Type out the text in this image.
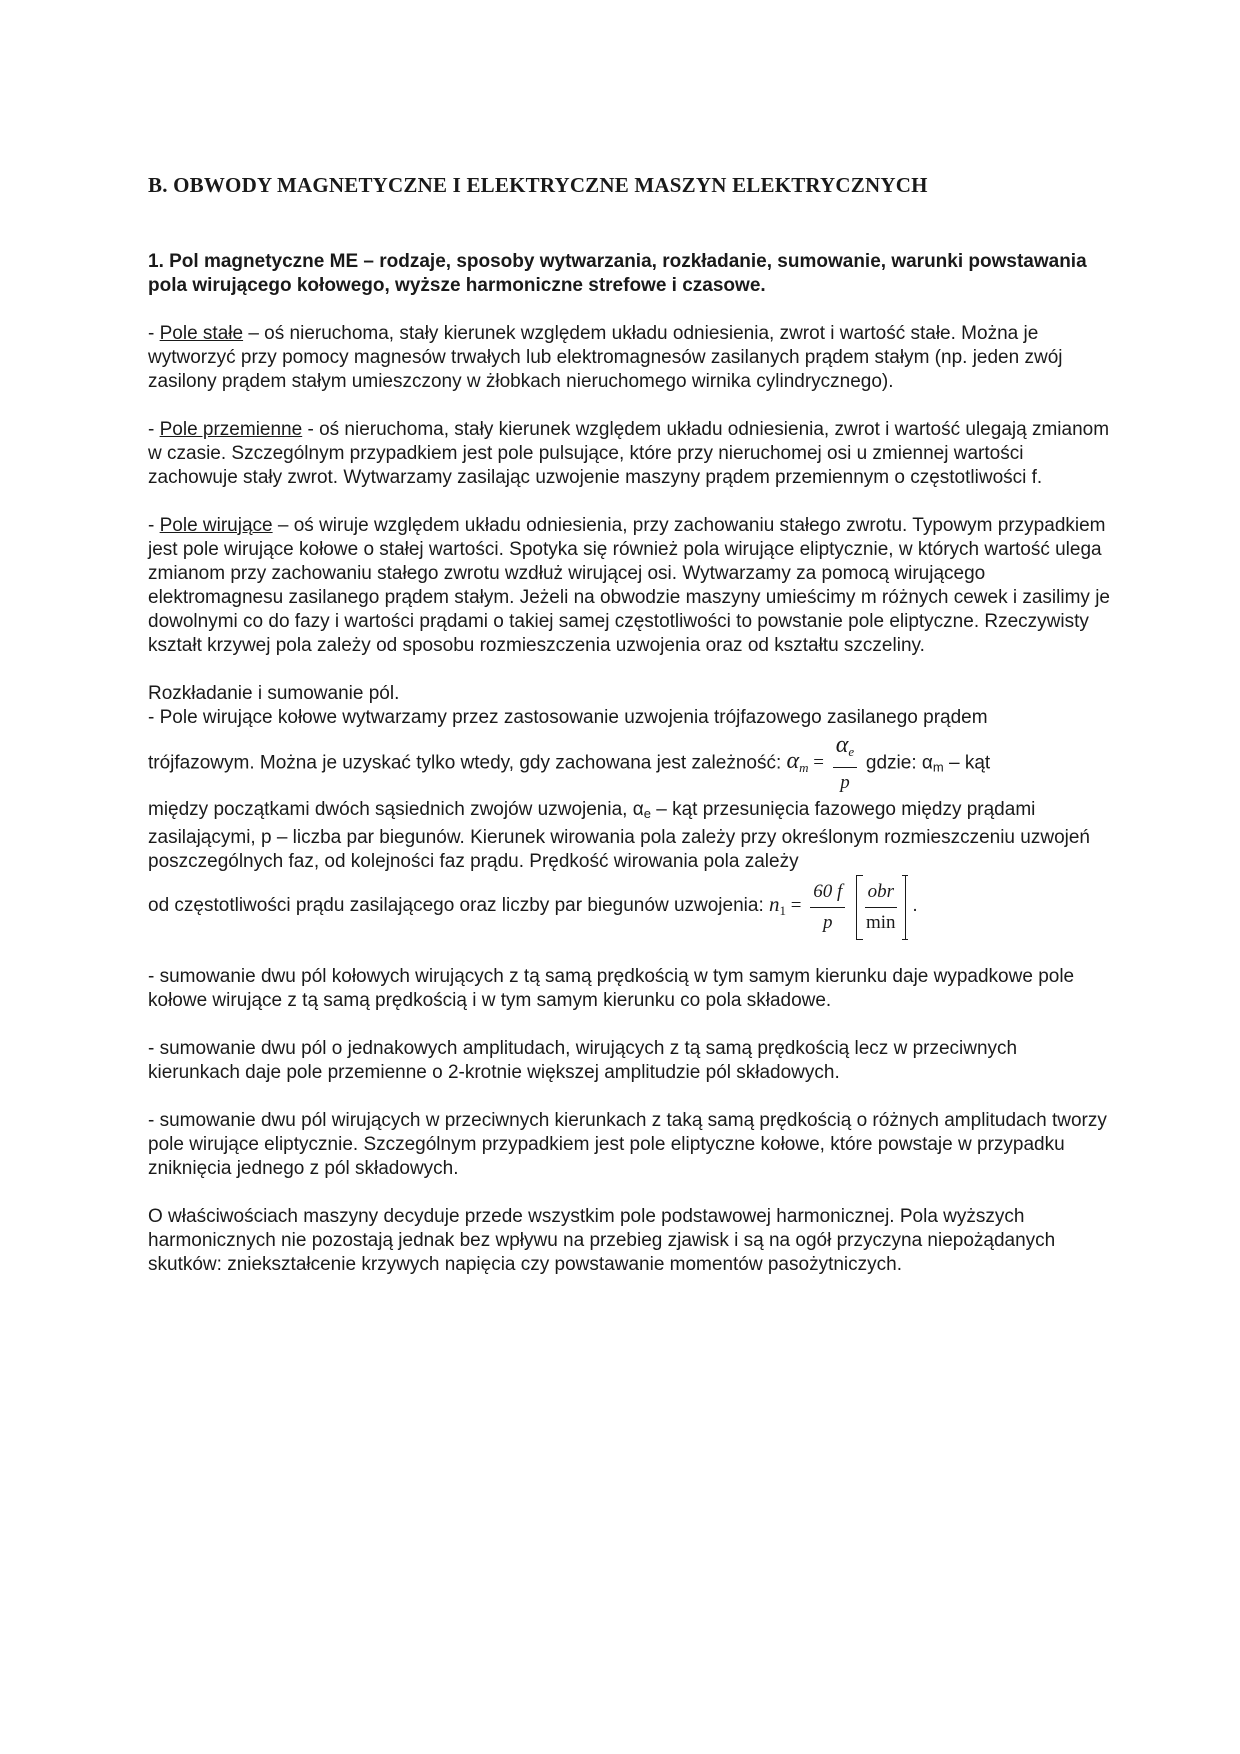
B. OBWODY MAGNETYCZNE I ELEKTRYCZNE MASZYN ELEKTRYCZNYCH
1. Pol magnetyczne ME – rodzaje, sposoby wytwarzania, rozkładanie, sumowanie, warunki powstawania pola wirującego kołowego, wyższe harmoniczne strefowe i czasowe.

- Pole stałe – oś nieruchoma, stały kierunek względem układu odniesienia, zwrot i wartość stałe. Można je wytworzyć przy pomocy magnesów trwałych lub elektromagnesów zasilanych prądem stałym (np. jeden zwój zasilony prądem stałym umieszczony w żłobkach nieruchomego wirnika cylindrycznego).

- Pole przemienne - oś nieruchoma, stały kierunek względem układu odniesienia, zwrot i wartość ulegają zmianom w czasie. Szczególnym przypadkiem jest pole pulsujące, które przy nieruchomej osi u zmiennej wartości zachowuje stały zwrot. Wytwarzamy zasilając uzwojenie maszyny prądem przemiennym o częstotliwości f.

- Pole wirujące – oś wiruje względem układu odniesienia, przy zachowaniu stałego zwrotu. Typowym przypadkiem jest pole wirujące kołowe o stałej wartości. Spotyka się również pola wirujące eliptycznie, w których wartość ulega zmianom przy zachowaniu stałego zwrotu wzdłuż wirującej osi. Wytwarzamy za pomocą wirującego elektromagnesu zasilanego prądem stałym. Jeżeli na obwodzie maszyny umieścimy m różnych cewek i zasilimy je dowolnymi co do fazy i wartości prądami o takiej samej częstotliwości to powstanie pole eliptyczne. Rzeczywisty kształt krzywej pola zależy od sposobu rozmieszczenia uzwojenia oraz od kształtu szczeliny.

Rozkładanie i sumowanie pól.
- Pole wirujące kołowe wytwarzamy przez zastosowanie uzwojenia trójfazowego zasilanego prądem
trójfazowym. Można je uzyskać tylko wtedy, gdy zachowana jest zależność: $\alpha_m = \frac{\alpha_e}{p}$ gdzie: αm – kąt
między początkami dwóch sąsiednich zwojów uzwojenia, αe – kąt przesunięcia fazowego między prądami zasilającymi, p – liczba par biegunów. Kierunek wirowania pola zależy przy określonym rozmieszczeniu uzwojeń poszczególnych faz, od kolejności faz prądu. Prędkość wirowania pola zależy
od częstotliwości prądu zasilającego oraz liczby par biegunów uzwojenia: $n_1 = \frac{60 f}{p}$
$\frac{\text{obr}}{\min}$ .

- sumowanie dwu pól kołowych wirujących z tą samą prędkością w tym samym kierunku daje wypadkowe pole kołowe wirujące z tą samą prędkością i w tym samym kierunku co pola składowe.

- sumowanie dwu pól o jednakowych amplitudach, wirujących z tą samą prędkością lecz w przeciwnych kierunkach daje pole przemienne o 2-krotnie większej amplitudzie pól składowych.

- sumowanie dwu pól wirujących w przeciwnych kierunkach z taką samą prędkością o różnych amplitudach tworzy pole wirujące eliptycznie. Szczególnym przypadkiem jest pole eliptyczne kołowe, które powstaje w przypadku zniknięcia jednego z pól składowych.

O właściwościach maszyny decyduje przede wszystkim pole podstawowej harmonicznej. Pola wyższych harmonicznych nie pozostają jednak bez wpływu na przebieg zjawisk i są na ogół przyczyna niepożądanych skutków: zniekształcenie krzywych napięcia czy powstawanie momentów pasożytniczych.
